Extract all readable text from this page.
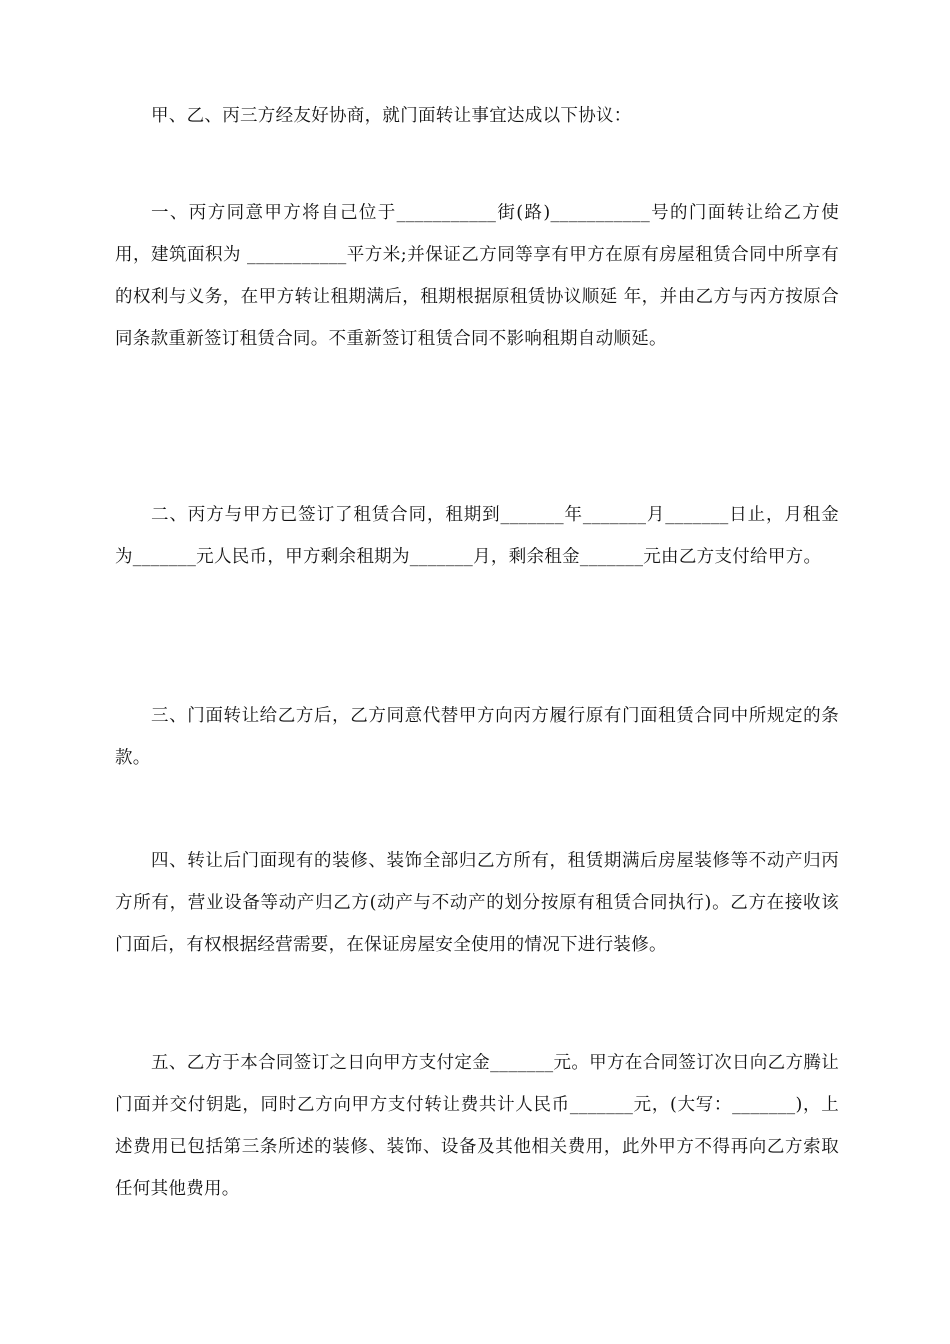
甲、乙、丙三方经友好协商，就门面转让事宜达成以下协议：

一、丙方同意甲方将自己位于___________街(路)___________号的门面转让给乙方使用，建筑面积为 ___________平方米;并保证乙方同等享有甲方在原有房屋租赁合同中所享有的权利与义务，在甲方转让租期满后，租期根据原租赁协议顺延 年，并由乙方与丙方按原合同条款重新签订租赁合同。不重新签订租赁合同不影响租期自动顺延。

二、丙方与甲方已签订了租赁合同，租期到_______年_______月_______日止，月租金为_______元人民币，甲方剩余租期为_______月，剩余租金_______元由乙方支付给甲方。

三、门面转让给乙方后，乙方同意代替甲方向丙方履行原有门面租赁合同中所规定的条款。

四、转让后门面现有的装修、装饰全部归乙方所有，租赁期满后房屋装修等不动产归丙方所有，营业设备等动产归乙方(动产与不动产的划分按原有租赁合同执行)。乙方在接收该门面后，有权根据经营需要，在保证房屋安全使用的情况下进行装修。

五、乙方于本合同签订之日向甲方支付定金_______元。甲方在合同签订次日向乙方腾让门面并交付钥匙，同时乙方向甲方支付转让费共计人民币_______元，(大写：_______)，上述费用已包括第三条所述的装修、装饰、设备及其他相关费用，此外甲方不得再向乙方索取任何其他费用。
